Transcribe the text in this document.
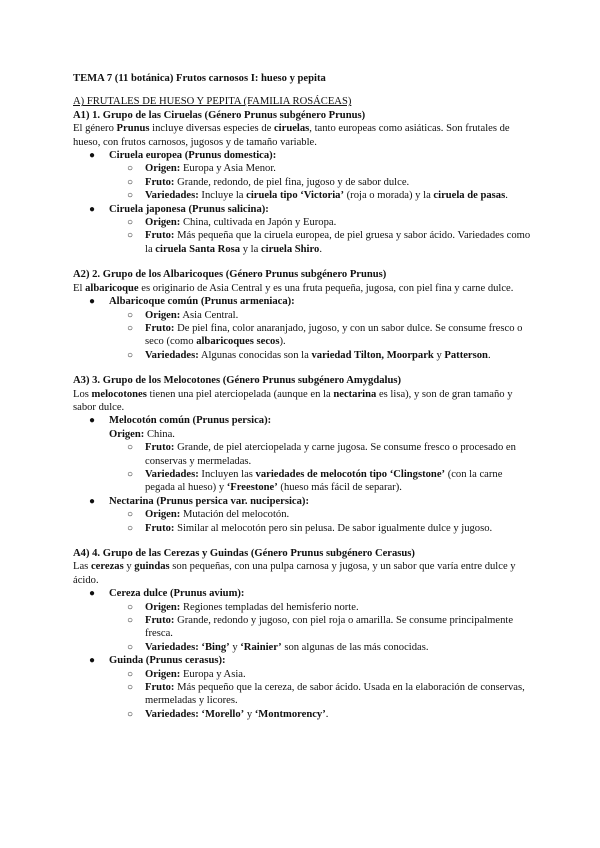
TEMA 7 (11 botánica) Frutos carnosos I: hueso y pepita

A) FRUTALES DE HUESO Y PEPITA (FAMILIA ROSÁCEAS)

A1) 1. Grupo de las Ciruelas (Género Prunus subgénero Prunus)

El género Prunus incluye diversas especies de ciruelas, tanto europeas como asiáticas. Son frutales de hueso, con frutos carnosos, jugosos y de tamaño variable.

● Ciruela europea (Prunus domestica):
○ Origen: Europa y Asia Menor.
○ Fruto: Grande, redondo, de piel fina, jugoso y de sabor dulce.
○ Variedades: Incluye la ciruela tipo ‘Victoria’ (roja o morada) y la ciruela de pasas.
● Ciruela japonesa (Prunus salicina):
○ Origen: China, cultivada en Japón y Europa.
○ Fruto: Más pequeña que la ciruela europea, de piel gruesa y sabor ácido. Variedades como la ciruela Santa Rosa y la ciruela Shiro.

A2) 2. Grupo de los Albaricoques (Género Prunus subgénero Prunus)

El albaricoque es originario de Asia Central y es una fruta pequeña, jugosa, con piel fina y carne dulce.

● Albaricoque común (Prunus armeniaca):
○ Origen: Asia Central.
○ Fruto: De piel fina, color anaranjado, jugoso, y con un sabor dulce. Se consume fresco o seco (como albaricoques secos).
○ Variedades: Algunas conocidas son la variedad Tilton, Moorpark y Patterson.

A3) 3. Grupo de los Melocotones (Género Prunus subgénero Amygdalus)

Los melocotones tienen una piel aterciopelada (aunque en la nectarina es lisa), y son de gran tamaño y sabor dulce.

● Melocotón común (Prunus persica):
Origen: China.
○ Fruto: Grande, de piel aterciopelada y carne jugosa. Se consume fresco o procesado en conservas y mermeladas.
○ Variedades: Incluyen las variedades de melocotón tipo ‘Clingstone’ (con la carne pegada al hueso) y ‘Freestone’ (hueso más fácil de separar).
● Nectarina (Prunus persica var. nucipersica):
○ Origen: Mutación del melocotón.
○ Fruto: Similar al melocotón pero sin pelusa. De sabor igualmente dulce y jugoso.

A4) 4. Grupo de las Cerezas y Guindas (Género Prunus subgénero Cerasus)

Las cerezas y guindas son pequeñas, con una pulpa carnosa y jugosa, y un sabor que varía entre dulce y ácido.

● Cereza dulce (Prunus avium):
○ Origen: Regiones templadas del hemisferio norte.
○ Fruto: Grande, redondo y jugoso, con piel roja o amarilla. Se consume principalmente fresca.
○ Variedades: ‘Bing’ y ‘Rainier’ son algunas de las más conocidas.
● Guinda (Prunus cerasus):
○ Origen: Europa y Asia.
○ Fruto: Más pequeño que la cereza, de sabor ácido. Usada en la elaboración de conservas, mermeladas y licores.
○ Variedades: ‘Morello’ y ‘Montmorency’.
